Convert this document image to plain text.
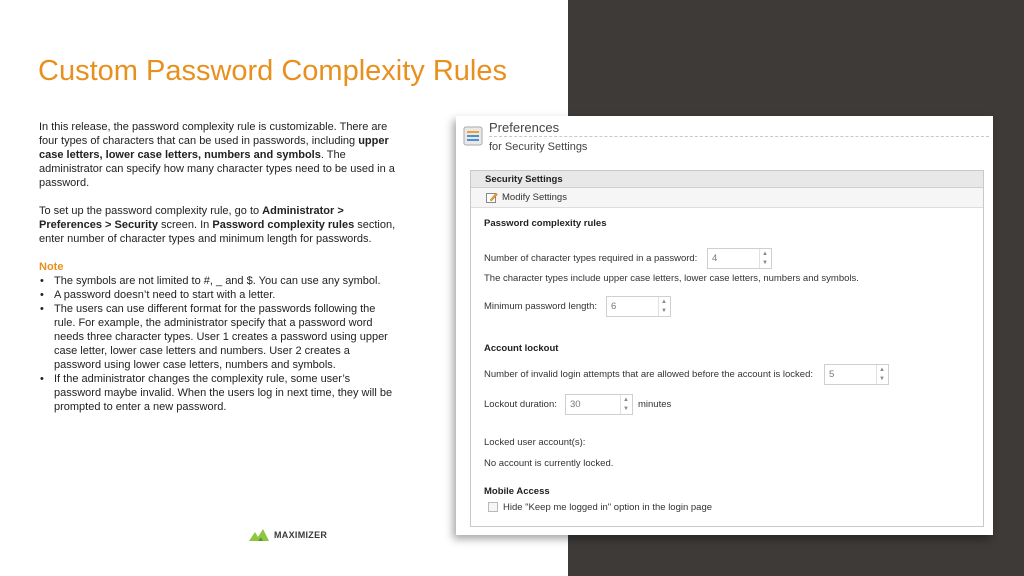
Custom Password Complexity Rules

In this release, the password complexity rule is customizable. There are four types of characters that can be used in passwords, including upper case letters, lower case letters, numbers and symbols. The administrator can specify how many character types need to be used in a password.

To set up the password complexity rule, go to Administrator > Preferences > Security screen. In Password complexity rules section, enter number of character types and minimum length for passwords.

Note
• The symbols are not limited to #, _ and $. You can use any symbol.
• A password doesn’t need to start with a letter.
• The users can use different format for the passwords following the rule. For example, the administrator specify that a password word needs three character types. User 1 creates a password using upper case letter, lower case letters and numbers. User 2 creates a password using lower case letters, numbers and symbols.
• If the administrator changes the complexity rule, some user’s password maybe invalid. When the users log in next time, they will be prompted to enter a new password.
MAXIMIZER
Preferences
for Security Settings
Security Settings
Modify Settings
Password complexity rules
Number of character types required in a password: 4	▲
▼
The character types include upper case letters, lower case letters, numbers and symbols.
Minimum password length: 6	▲
▼
Account lockout
Number of invalid login attempts that are allowed before the account is locked: 5	▲
▼
Lockout duration: 30	▲
▼ minutes
Locked user account(s):
No account is currently locked.
Mobile Access
Hide "Keep me logged in" option in the login page
